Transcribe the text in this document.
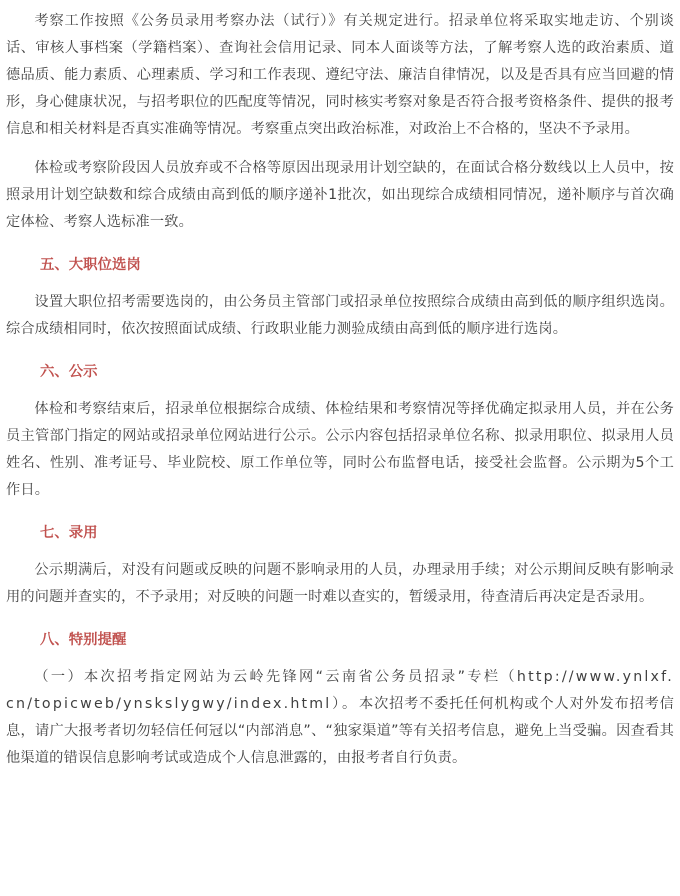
考察工作按照《公务员录用考察办法（试行）》有关规定进行。招录单位将采取实地走访、个别谈话、审核人事档案（学籍档案）、查询社会信用记录、同本人面谈等方法，了解考察人选的政治素质、道德品质、能力素质、心理素质、学习和工作表现、遵纪守法、廉洁自律情况，以及是否具有应当回避的情形，身心健康状况，与招考职位的匹配度等情况，同时核实考察对象是否符合报考资格条件、提供的报考信息和相关材料是否真实准确等情况。考察重点突出政治标准，对政治上不合格的，坚决不予录用。

体检或考察阶段因人员放弃或不合格等原因出现录用计划空缺的，在面试合格分数线以上人员中，按照录用计划空缺数和综合成绩由高到低的顺序递补1批次，如出现综合成绩相同情况，递补顺序与首次确定体检、考察人选标准一致。

五、大职位选岗

设置大职位招考需要选岗的，由公务员主管部门或招录单位按照综合成绩由高到低的顺序组织选岗。综合成绩相同时，依次按照面试成绩、行政职业能力测验成绩由高到低的顺序进行选岗。

六、公示

体检和考察结束后，招录单位根据综合成绩、体检结果和考察情况等择优确定拟录用人员，并在公务员主管部门指定的网站或招录单位网站进行公示。公示内容包括招录单位名称、拟录用职位、拟录用人员姓名、性别、准考证号、毕业院校、原工作单位等，同时公布监督电话，接受社会监督。公示期为5个工作日。

七、录用

公示期满后，对没有问题或反映的问题不影响录用的人员，办理录用手续；对公示期间反映有影响录用的问题并查实的，不予录用；对反映的问题一时难以查实的，暂缓录用，待查清后再决定是否录用。

八、特别提醒

（一）本次招考指定网站为云岭先锋网“云南省公务员招录”专栏（http://www.ynlxf.cn/topicweb/ynskslygwy/index.html）。本次招考不委托任何机构或个人对外发布招考信息，请广大报考者切勿轻信任何冠以“内部消息”、“独家渠道”等有关招考信息，避免上当受骗。因查看其他渠道的错误信息影响考试或造成个人信息泄露的，由报考者自行负责。
